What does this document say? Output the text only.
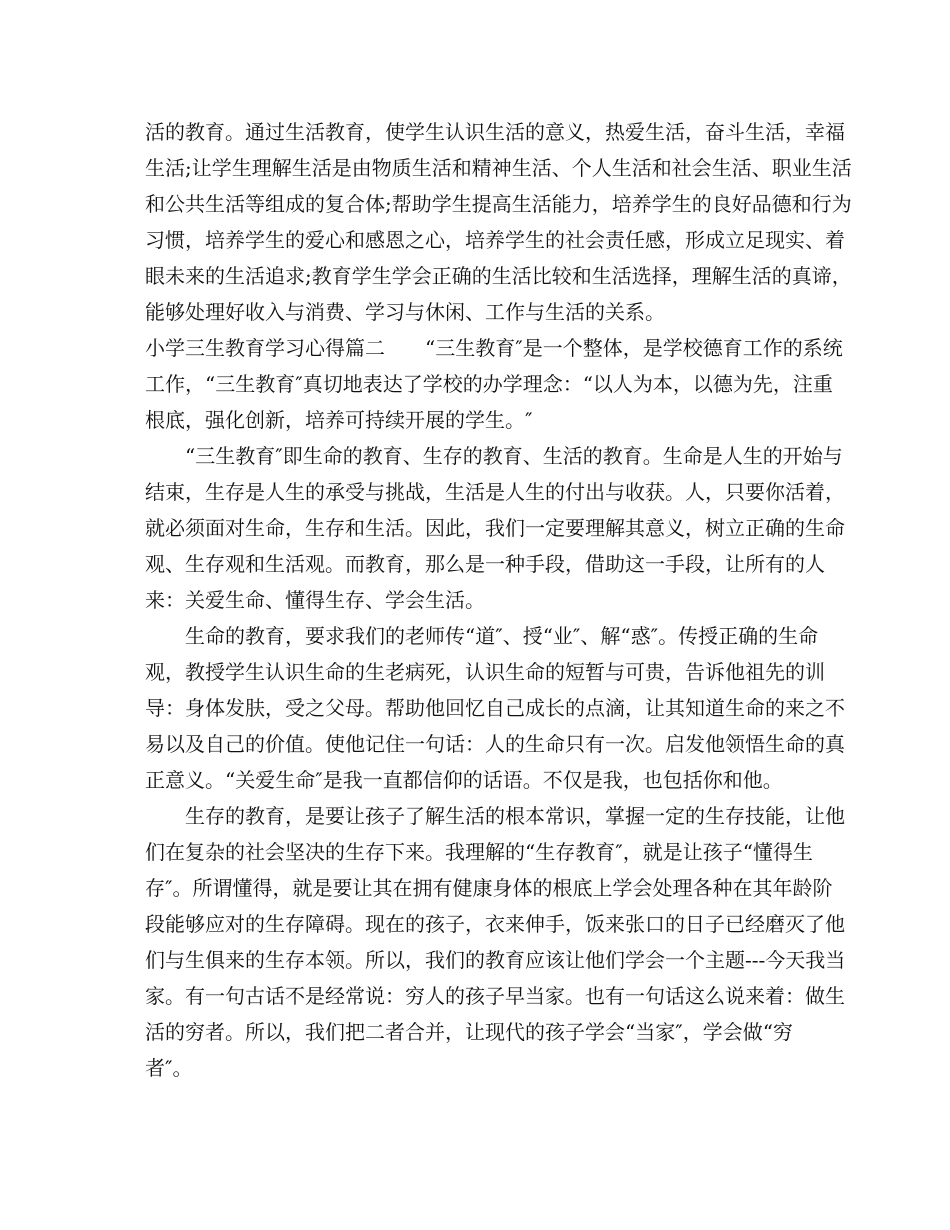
活的教育。通过生活教育，使学生认识生活的意义，热爱生活，奋斗生活，幸福
生活;让学生理解生活是由物质生活和精神生活、个人生活和社会生活、职业生活
和公共生活等组成的复合体;帮助学生提高生活能力，培养学生的良好品德和行为
习惯，培养学生的爱心和感恩之心，培养学生的社会责任感，形成立足现实、着
眼未来的生活追求;教育学生学会正确的生活比较和生活选择，理解生活的真谛，
能够处理好收入与消费、学习与休闲、工作与生活的关系。
小学三生教育学习心得篇二　　“三生教育″是一个整体，是学校德育工作的系统
工作，“三生教育″真切地表达了学校的办学理念：“以人为本，以德为先，注重
根底，强化创新，培养可持续开展的学生。″
　　“三生教育″即生命的教育、生存的教育、生活的教育。生命是人生的开始与
结束，生存是人生的承受与挑战，生活是人生的付出与收获。人，只要你活着，
就必须面对生命，生存和生活。因此，我们一定要理解其意义，树立正确的生命
观、生存观和生活观。而教育，那么是一种手段，借助这一手段，让所有的人
来：关爱生命、懂得生存、学会生活。
　　生命的教育，要求我们的老师传“道″、授“业″、解“惑″。传授正确的生命
观，教授学生认识生命的生老病死，认识生命的短暂与可贵，告诉他祖先的训
导：身体发肤，受之父母。帮助他回忆自己成长的点滴，让其知道生命的来之不
易以及自己的价值。使他记住一句话：人的生命只有一次。启发他领悟生命的真
正意义。“关爱生命″是我一直都信仰的话语。不仅是我，也包括你和他。
　　生存的教育，是要让孩子了解生活的根本常识，掌握一定的生存技能，让他
们在复杂的社会坚决的生存下来。我理解的“生存教育″，就是让孩子“懂得生
存″。所谓懂得，就是要让其在拥有健康身体的根底上学会处理各种在其年龄阶
段能够应对的生存障碍。现在的孩子，衣来伸手，饭来张口的日子已经磨灭了他
们与生俱来的生存本领。所以，我们的教育应该让他们学会一个主题---今天我当
家。有一句古话不是经常说：穷人的孩子早当家。也有一句话这么说来着：做生
活的穷者。所以，我们把二者合并，让现代的孩子学会“当家″，学会做“穷
者″。
